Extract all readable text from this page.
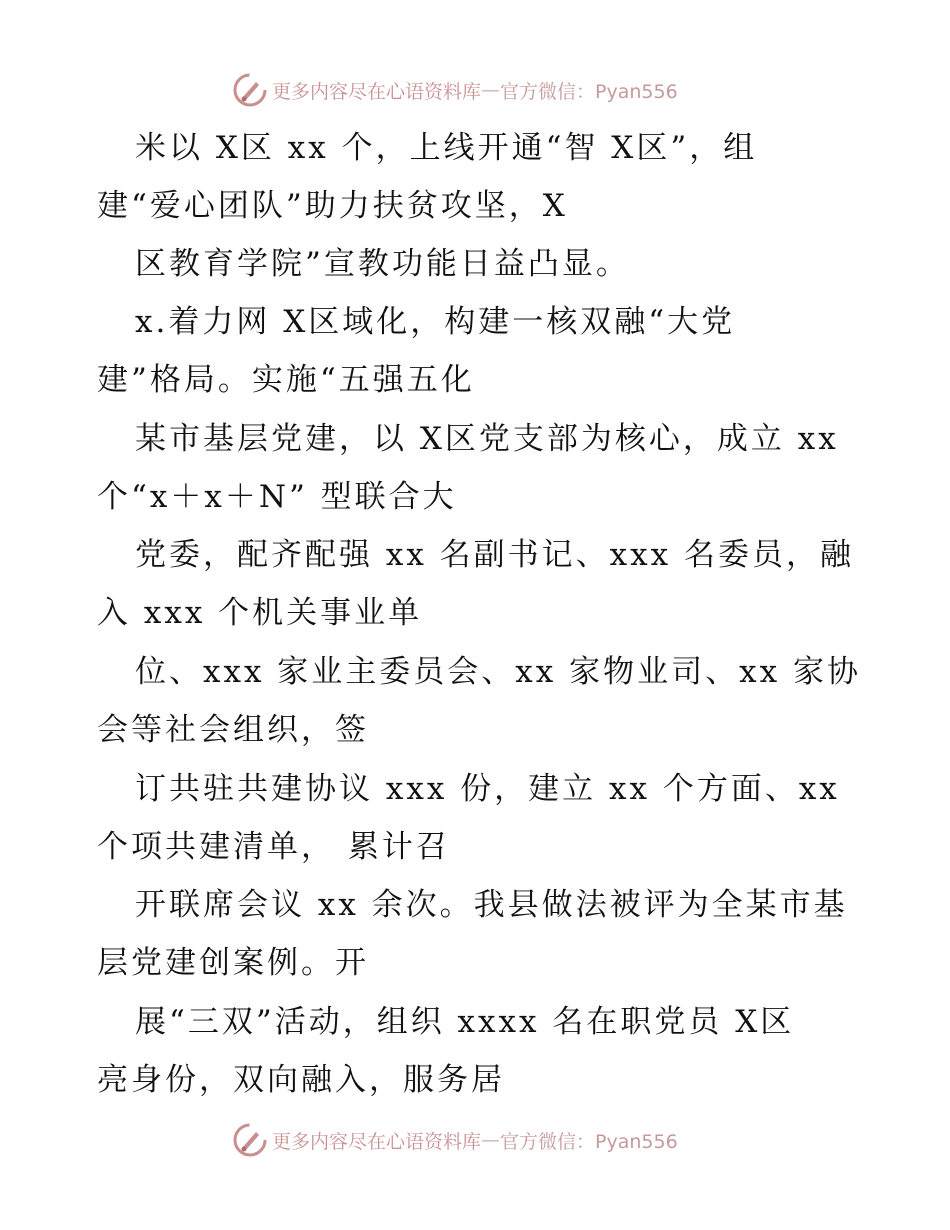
更多内容尽在心语资料库 — 官方微信：Pyan556
米以 X区 xx 个，上线开通“智 X区”，组
建“爱心团队”助力扶贫攻坚，X
区教育学院”宣教功能日益凸显。
x.着力网 X区域化，构建一核双融“大党
建”格局。实施“五强五化
某市基层党建，以 X区党支部为核心，成立 xx
个“x＋x＋N” 型联合大
党委，配齐配强 xx 名副书记、xxx 名委员，融
入 xxx 个机关事业单
位、xxx 家业主委员会、xx 家物业司、xx 家协
会等社会组织，签
订共驻共建协议 xxx 份，建立 xx 个方面、xx
个项共建清单， 累计召
开联席会议 xx 余次。我县做法被评为全某市基
层党建创案例。开
展“三双”活动，组织 xxxx 名在职党员 X区
亮身份，双向融入，服务居
更多内容尽在心语资料库 — 官方微信：Pyan556
